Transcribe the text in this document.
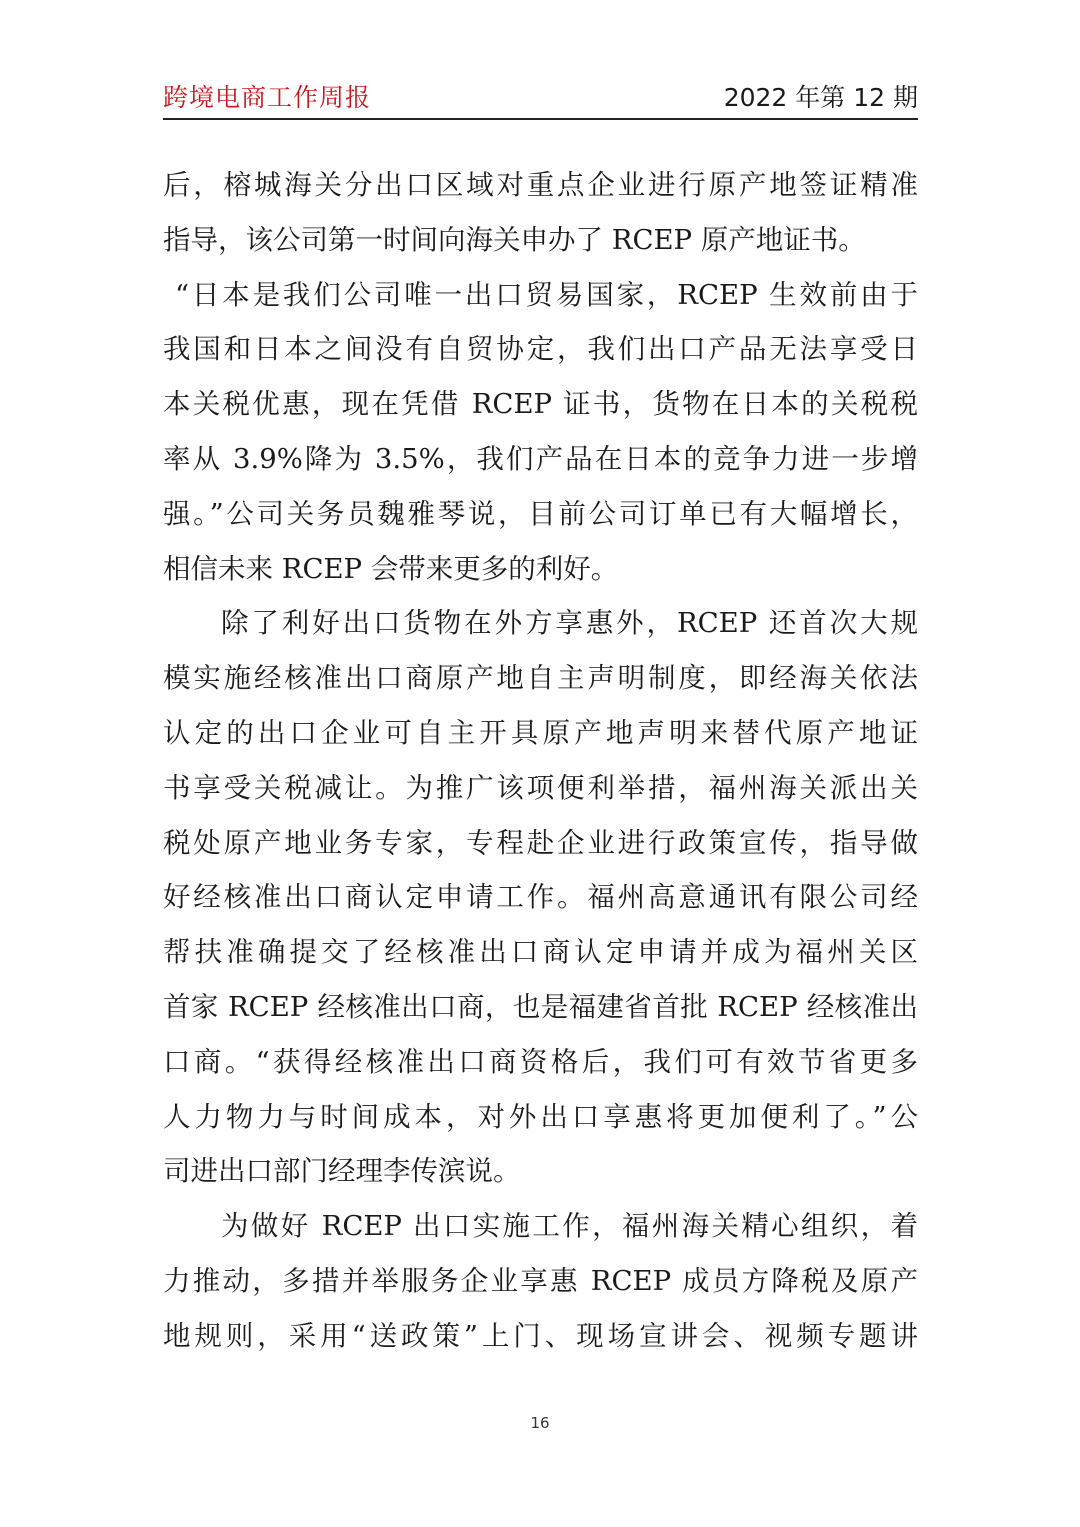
跨境电商工作周报	2022 年第 12 期
后，榕城海关分出口区域对重点企业进行原产地签证精准
指导，该公司第一时间向海关申办了 RCEP 原产地证书。
“日本是我们公司唯一出口贸易国家，RCEP 生效前由于
我国和日本之间没有自贸协定，我们出口产品无法享受日
本关税优惠，现在凭借 RCEP 证书，货物在日本的关税税
率从 3.9%降为 3.5%，我们产品在日本的竞争力进一步增
强。”公司关务员魏雅琴说，目前公司订单已有大幅增长，
相信未来 RCEP 会带来更多的利好。
除了利好出口货物在外方享惠外，RCEP 还首次大规
模实施经核准出口商原产地自主声明制度，即经海关依法
认定的出口企业可自主开具原产地声明来替代原产地证
书享受关税减让。为推广该项便利举措，福州海关派出关
税处原产地业务专家，专程赴企业进行政策宣传，指导做
好经核准出口商认定申请工作。福州高意通讯有限公司经
帮扶准确提交了经核准出口商认定申请并成为福州关区
首家 RCEP 经核准出口商，也是福建省首批 RCEP 经核准出
口商。“获得经核准出口商资格后，我们可有效节省更多
人力物力与时间成本，对外出口享惠将更加便利了。”公
司进出口部门经理李传滨说。
为做好 RCEP 出口实施工作，福州海关精心组织，着
力推动，多措并举服务企业享惠 RCEP 成员方降税及原产
地规则，采用“送政策”上门、现场宣讲会、视频专题讲
16
